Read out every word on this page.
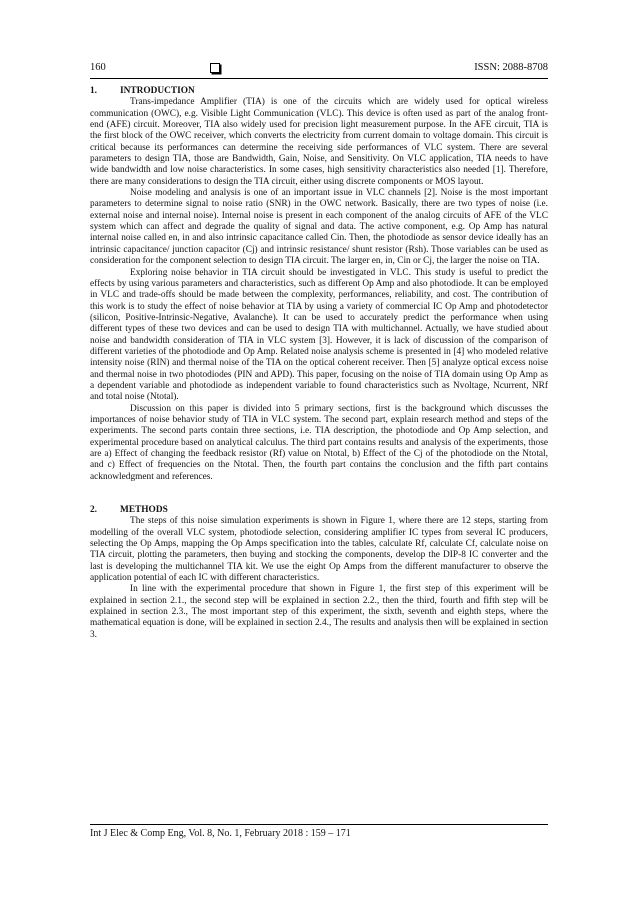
160	ISSN: 2088-8708
1. INTRODUCTION

Trans-impedance Amplifier (TIA) is one of the circuits which are widely used for optical wireless communication (OWC), e.g. Visible Light Communication (VLC). This device is often used as part of the analog front-end (AFE) circuit. Moreover, TIA also widely used for precision light measurement purpose. In the AFE circuit, TIA is the first block of the OWC receiver, which converts the electricity from current domain to voltage domain. This circuit is critical because its performances can determine the receiving side performances of VLC system. There are several parameters to design TIA, those are Bandwidth, Gain, Noise, and Sensitivity. On VLC application, TIA needs to have wide bandwidth and low noise characteristics. In some cases, high sensitivity characteristics also needed [1]. Therefore, there are many considerations to design the TIA circuit, either using discrete components or MOS layout.

Noise modeling and analysis is one of an important issue in VLC channels [2]. Noise is the most important parameters to determine signal to noise ratio (SNR) in the OWC network. Basically, there are two types of noise (i.e. external noise and internal noise). Internal noise is present in each component of the analog circuits of AFE of the VLC system which can affect and degrade the quality of signal and data. The active component, e.g. Op Amp has natural internal noise called en, in and also intrinsic capacitance called Cin. Then, the photodiode as sensor device ideally has an intrinsic capacitance/ junction capacitor (Cj) and intrinsic resistance/ shunt resistor (Rsh). Those variables can be used as consideration for the component selection to design TIA circuit. The larger en, in, Cin or Cj, the larger the noise on TIA.

Exploring noise behavior in TIA circuit should be investigated in VLC. This study is useful to predict the effects by using various parameters and characteristics, such as different Op Amp and also photodiode. It can be employed in VLC and trade-offs should be made between the complexity, performances, reliability, and cost. The contribution of this work is to study the effect of noise behavior at TIA by using a variety of commercial IC Op Amp and photodetector (silicon, Positive-Intrinsic-Negative, Avalanche). It can be used to accurately predict the performance when using different types of these two devices and can be used to design TIA with multichannel. Actually, we have studied about noise and bandwidth consideration of TIA in VLC system [3]. However, it is lack of discussion of the comparison of different varieties of the photodiode and Op Amp. Related noise analysis scheme is presented in [4] who modeled relative intensity noise (RIN) and thermal noise of the TIA on the optical coherent receiver. Then [5] analyze optical excess noise and thermal noise in two photodiodes (PIN and APD). This paper, focusing on the noise of TIA domain using Op Amp as a dependent variable and photodiode as independent variable to found characteristics such as Nvoltage, Ncurrent, NRf and total noise (Ntotal).

Discussion on this paper is divided into 5 primary sections, first is the background which discusses the importances of noise behavior study of TIA in VLC system. The second part, explain research method and steps of the experiments. The second parts contain three sections, i.e. TIA description, the photodiode and Op Amp selection, and experimental procedure based on analytical calculus. The third part contains results and analysis of the experiments, those are a) Effect of changing the feedback resistor (Rf) value on Ntotal, b) Effect of the Cj of the photodiode on the Ntotal, and c) Effect of frequencies on the Ntotal. Then, the fourth part contains the conclusion and the fifth part contains acknowledgment and references.

2. METHODS

The steps of this noise simulation experiments is shown in Figure 1, where there are 12 steps, starting from modelling of the overall VLC system, photodiode selection, considering amplifier IC types from several IC producers, selecting the Op Amps, mapping the Op Amps specification into the tables, calculate Rf, calculate Cf, calculate noise on TIA circuit, plotting the parameters, then buying and stocking the components, develop the DIP-8 IC converter and the last is developing the multichannel TIA kit. We use the eight Op Amps from the different manufacturer to observe the application potential of each IC with different characteristics.

In line with the experimental procedure that shown in Figure 1, the first step of this experiment will be explained in section 2.1., the second step will be explained in section 2.2., then the third, fourth and fifth step will be explained in section 2.3., The most important step of this experiment, the sixth, seventh and eighth steps, where the mathematical equation is done, will be explained in section 2.4., The results and analysis then will be explained in section 3.

Int J Elec & Comp Eng, Vol. 8, No. 1, February 2018 : 159 – 171
